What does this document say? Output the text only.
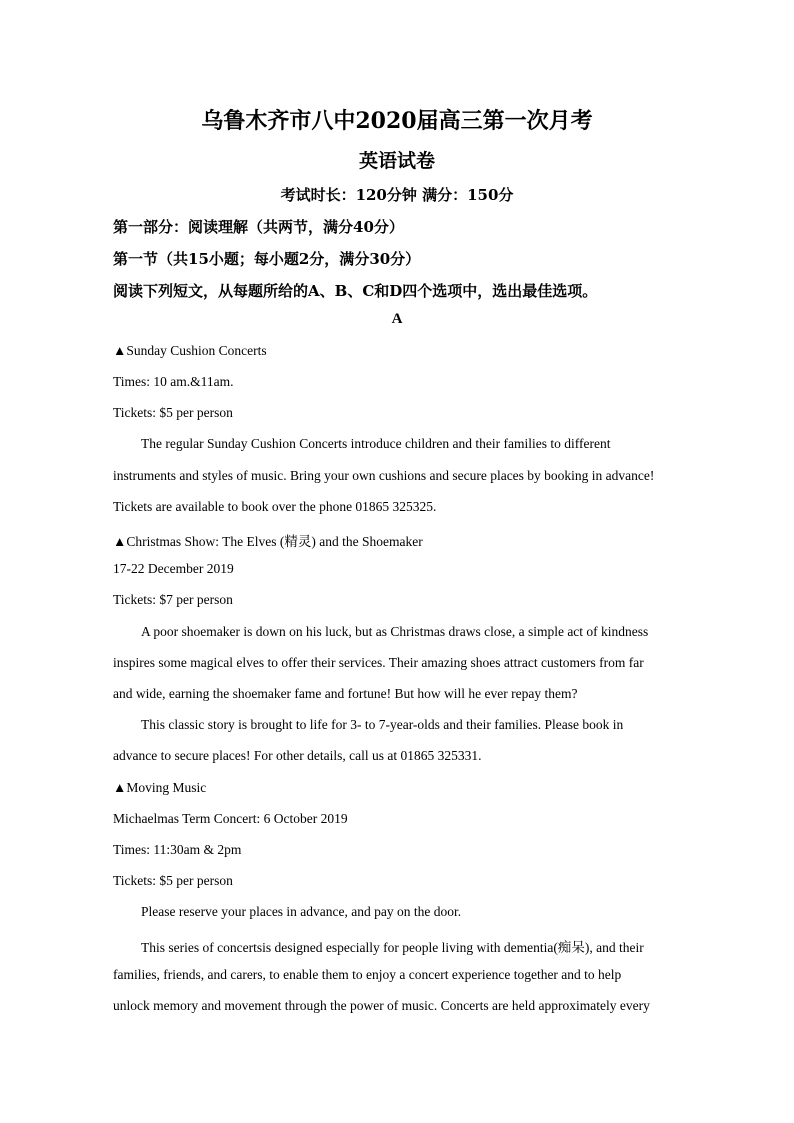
乌鲁木齐市八中2020届高三第一次月考
英语试卷
考试时长：120分钟 满分：150分
第一部分：阅读理解（共两节，满分40分）
第一节（共15小题；每小题2分，满分30分）
阅读下列短文，从每题所给的A、B、C和D四个选项中，选出最佳选项。
A
▲Sunday Cushion Concerts
Times: 10 am.&11am.
Tickets: $5 per person
The regular Sunday Cushion Concerts introduce children and their families to different
instruments and styles of music. Bring your own cushions and secure places by booking in advance!
Tickets are available to book over the phone 01865 325325.
▲Christmas Show: The Elves (精灵) and the Shoemaker
17-22 December 2019
Tickets: $7 per person
A poor shoemaker is down on his luck, but as Christmas draws close, a simple act of kindness
inspires some magical elves to offer their services. Their amazing shoes attract customers from far
and wide, earning the shoemaker fame and fortune! But how will he ever repay them?
This classic story is brought to life for 3- to 7-year-olds and their families. Please book in
advance to secure places! For other details, call us at 01865 325331.
▲Moving Music
Michaelmas Term Concert: 6 October 2019
Times: 11:30am & 2pm
Tickets: $5 per person
Please reserve your places in advance, and pay on the door.
This series of concertsis designed especially for people living with dementia(痴呆), and their
families, friends, and carers, to enable them to enjoy a concert experience together and to help
unlock memory and movement through the power of music. Concerts are held approximately every
